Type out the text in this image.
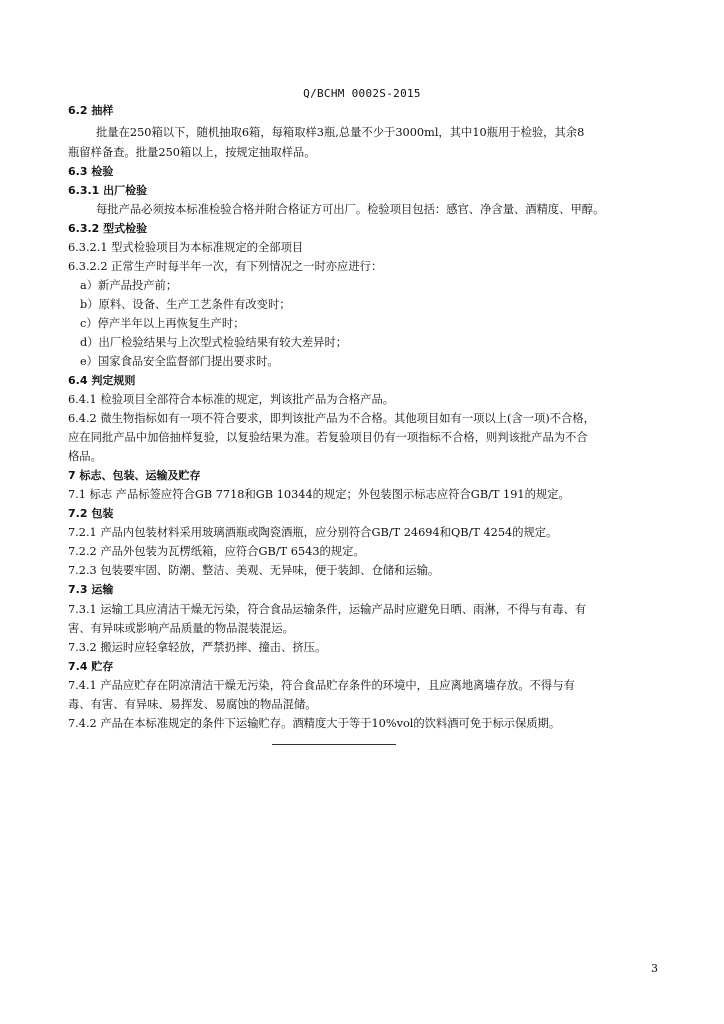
Q/BCHM 0002S-2015
6.2 抽样
批量在250箱以下，随机抽取6箱，每箱取样3瓶,总量不少于3000ml，其中10瓶用于检验，其余8
瓶留样备查。批量250箱以上，按规定抽取样品。
6.3 检验
6.3.1 出厂检验
每批产品必须按本标准检验合格并附合格证方可出厂。检验项目包括：感官、净含量、酒精度、甲醇。
6.3.2 型式检验
6.3.2.1 型式检验项目为本标准规定的全部项目
6.3.2.2 正常生产时每半年一次，有下列情况之一时亦应进行：
a）新产品投产前；
b）原料、设备、生产工艺条件有改变时；
c）停产半年以上再恢复生产时；
d）出厂检验结果与上次型式检验结果有较大差异时；
e）国家食品安全监督部门提出要求时。
6.4 判定规则
6.4.1 检验项目全部符合本标准的规定，判该批产品为合格产品。
6.4.2 微生物指标如有一项不符合要求，即判该批产品为不合格。其他项目如有一项以上(含一项)不合格，
应在同批产品中加倍抽样复验，以复验结果为准。若复验项目仍有一项指标不合格，则判该批产品为不合
格品。
7 标志、包装、运输及贮存
7.1 标志 产品标签应符合GB 7718和GB 10344的规定；外包装图示标志应符合GB/T 191的规定。
7.2 包装
7.2.1 产品内包装材料采用玻璃酒瓶或陶瓷酒瓶，应分别符合GB/T 24694和QB/T 4254的规定。
7.2.2 产品外包装为瓦楞纸箱，应符合GB/T 6543的规定。
7.2.3 包装要牢固、防潮、整洁、美观、无异味，便于装卸、仓储和运输。
7.3 运输
7.3.1 运输工具应清洁干燥无污染，符合食品运输条件，运输产品时应避免日晒、雨淋，不得与有毒、有
害、有异味或影响产品质量的物品混装混运。
7.3.2 搬运时应轻拿轻放，严禁扔摔、撞击、挤压。
7.4 贮存
7.4.1 产品应贮存在阴凉清洁干燥无污染，符合食品贮存条件的环境中，且应离地离墙存放。不得与有
毒、有害、有异味、易挥发、易腐蚀的物品混储。
7.4.2 产品在本标准规定的条件下运输贮存。酒精度大于等于10%vol的饮料酒可免于标示保质期。
3
